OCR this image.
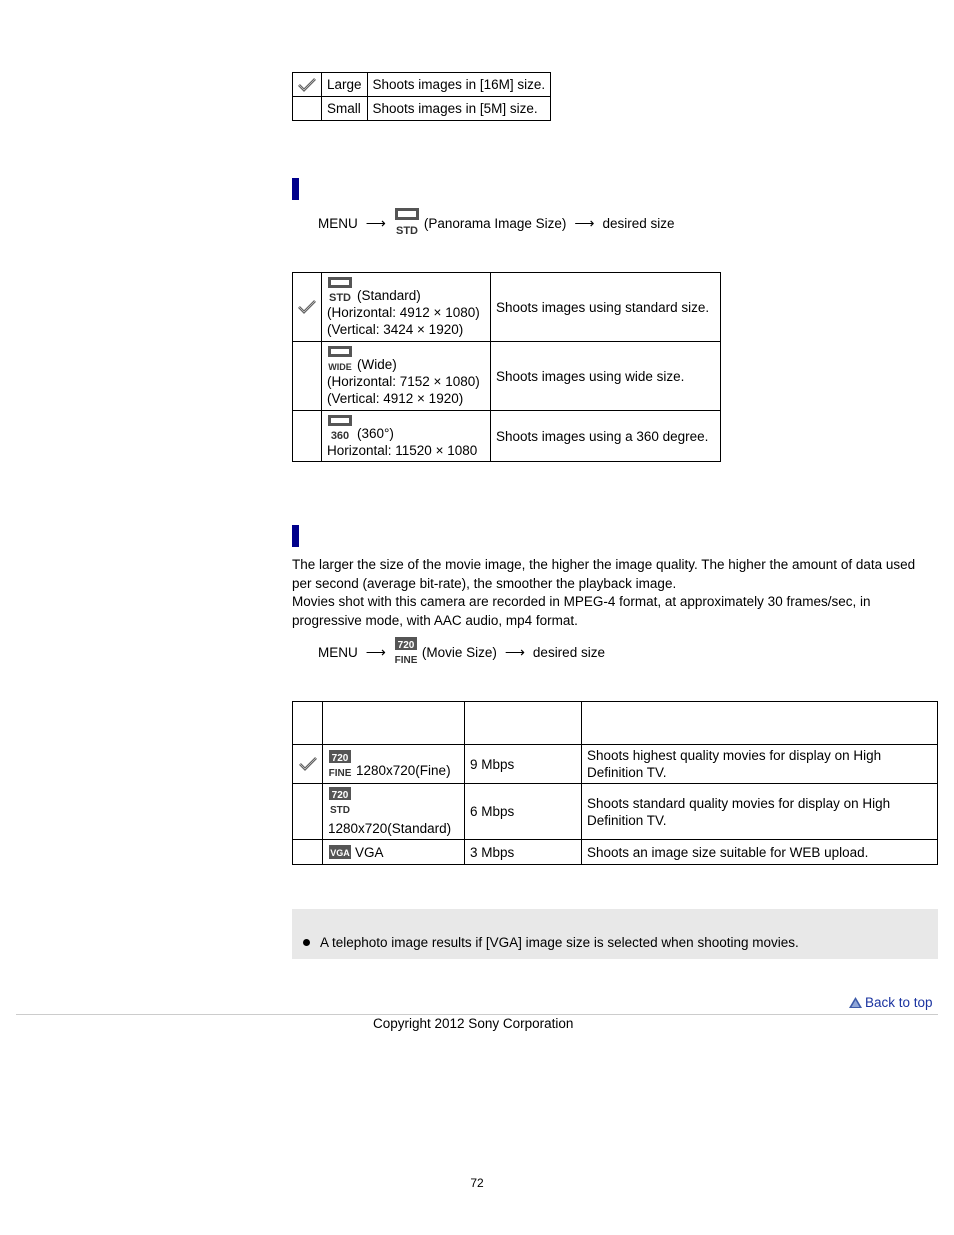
	Large	Shoots images in [16M] size.
	Small	Shoots images in [5M] size.
MENU ⟶ STD (Panorama Image Size) ⟶ desired size

STD (Standard)
(Horizontal: 4912 × 1080)
(Vertical: 3424 × 1920)	Shoots images using standard size.

WIDE (Wide)
(Horizontal: 7152 × 1080)
(Vertical: 4912 × 1920)	Shoots images using wide size.

360 (360°)
Horizontal: 11520 × 1080	Shoots images using a 360 degree.

The larger the size of the movie image, the higher the image quality. The higher the amount of data used per second (average bit-rate), the smoother the playback image.

Movies shot with this camera are recorded in MPEG-4 format, at approximately 30 frames/sec, in progressive mode, with AAC audio, mp4 format.

MENU ⟶ 720
FINE
(Movie Size) ⟶ desired size

720
FINE 1280x720(Fine)	9 Mbps	Shoots highest quality movies for display on High Definition TV.

720
STD
1280x720(Standard)	6 Mbps	Shoots standard quality movies for display on High Definition TV.

VGA VGA	3 Mbps	Shoots an image size suitable for WEB upload.
A telephoto image results if [VGA] image size is selected when shooting movies.
Back to top
Copyright 2012 Sony Corporation
72
